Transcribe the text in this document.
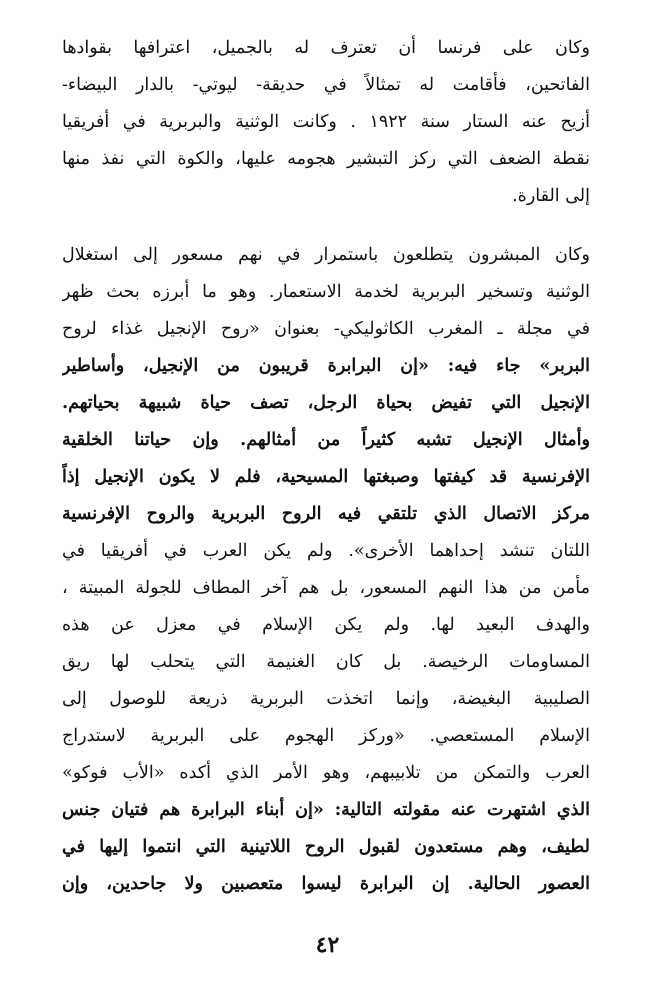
وكان على فرنسا أن تعترف له بالجميل، اعترافها بقوادها
الفاتحين، فأقامت له تمثالاً في حديقة- ليوتي- بالدار البيضاء-
أزيح عنه الستار سنة ١٩٢٢ . وكانت الوثنية والبربرية في أفريقيا
نقطة الضعف التي ركز التبشير هجومه عليها، والكوة التي نفذ منها
إلى القارة.

وكان المبشرون يتطلعون باستمرار في نهم مسعور إلى استغلال
الوثنية وتسخير البربرية لخدمة الاستعمار. وهو ما أبرزه بحث ظهر
في مجلة ـ المغرب الكاثوليكي- بعنوان «روح الإنجيل غذاء لروح
البربر» جاء فيه: «إن البرابرة قريبون من الإنجيل، وأساطير
الإنجيل التي تفيض بحياة الرجل، تصف حياة شبيهة بحياتهم.
وأمثال الإنجيل تشبه كثيراً من أمثالهم. وإن حياتنا الخلقية
الإفرنسية قد كيفتها وصبغتها المسيحية، فلم لا يكون الإنجيل إذاً
مركز الاتصال الذي تلتقي فيه الروح البربرية والروح الإفرنسية
اللتان تنشد إحداهما الأخرى». ولم يكن العرب في أفريقيا في
مأمن من هذا النهم المسعور، بل هم آخر المطاف للجولة المبيتة ،
والهدف البعيد لها. ولم يكن الإسلام في معزل عن هذه
المساومات الرخيصة. بل كان الغنيمة التي يتحلب لها ريق
الصليبية البغيضة، وإنما اتخذت البربرية ذريعة للوصول إلى
الإسلام المستعصي. «وركز الهجوم على البربرية لاستدراج
العرب والتمكن من تلابيبهم، وهو الأمر الذي أكده «الأب فوكو»
الذي اشتهرت عنه مقولته التالية: «إن أبناء البرابرة هم فتيان جنس
لطيف، وهم مستعدون لقبول الروح اللاتينية التي انتموا إليها في
العصور الحالية. إن البرابرة ليسوا متعصبين ولا جاحدين، وإن

٤٢
